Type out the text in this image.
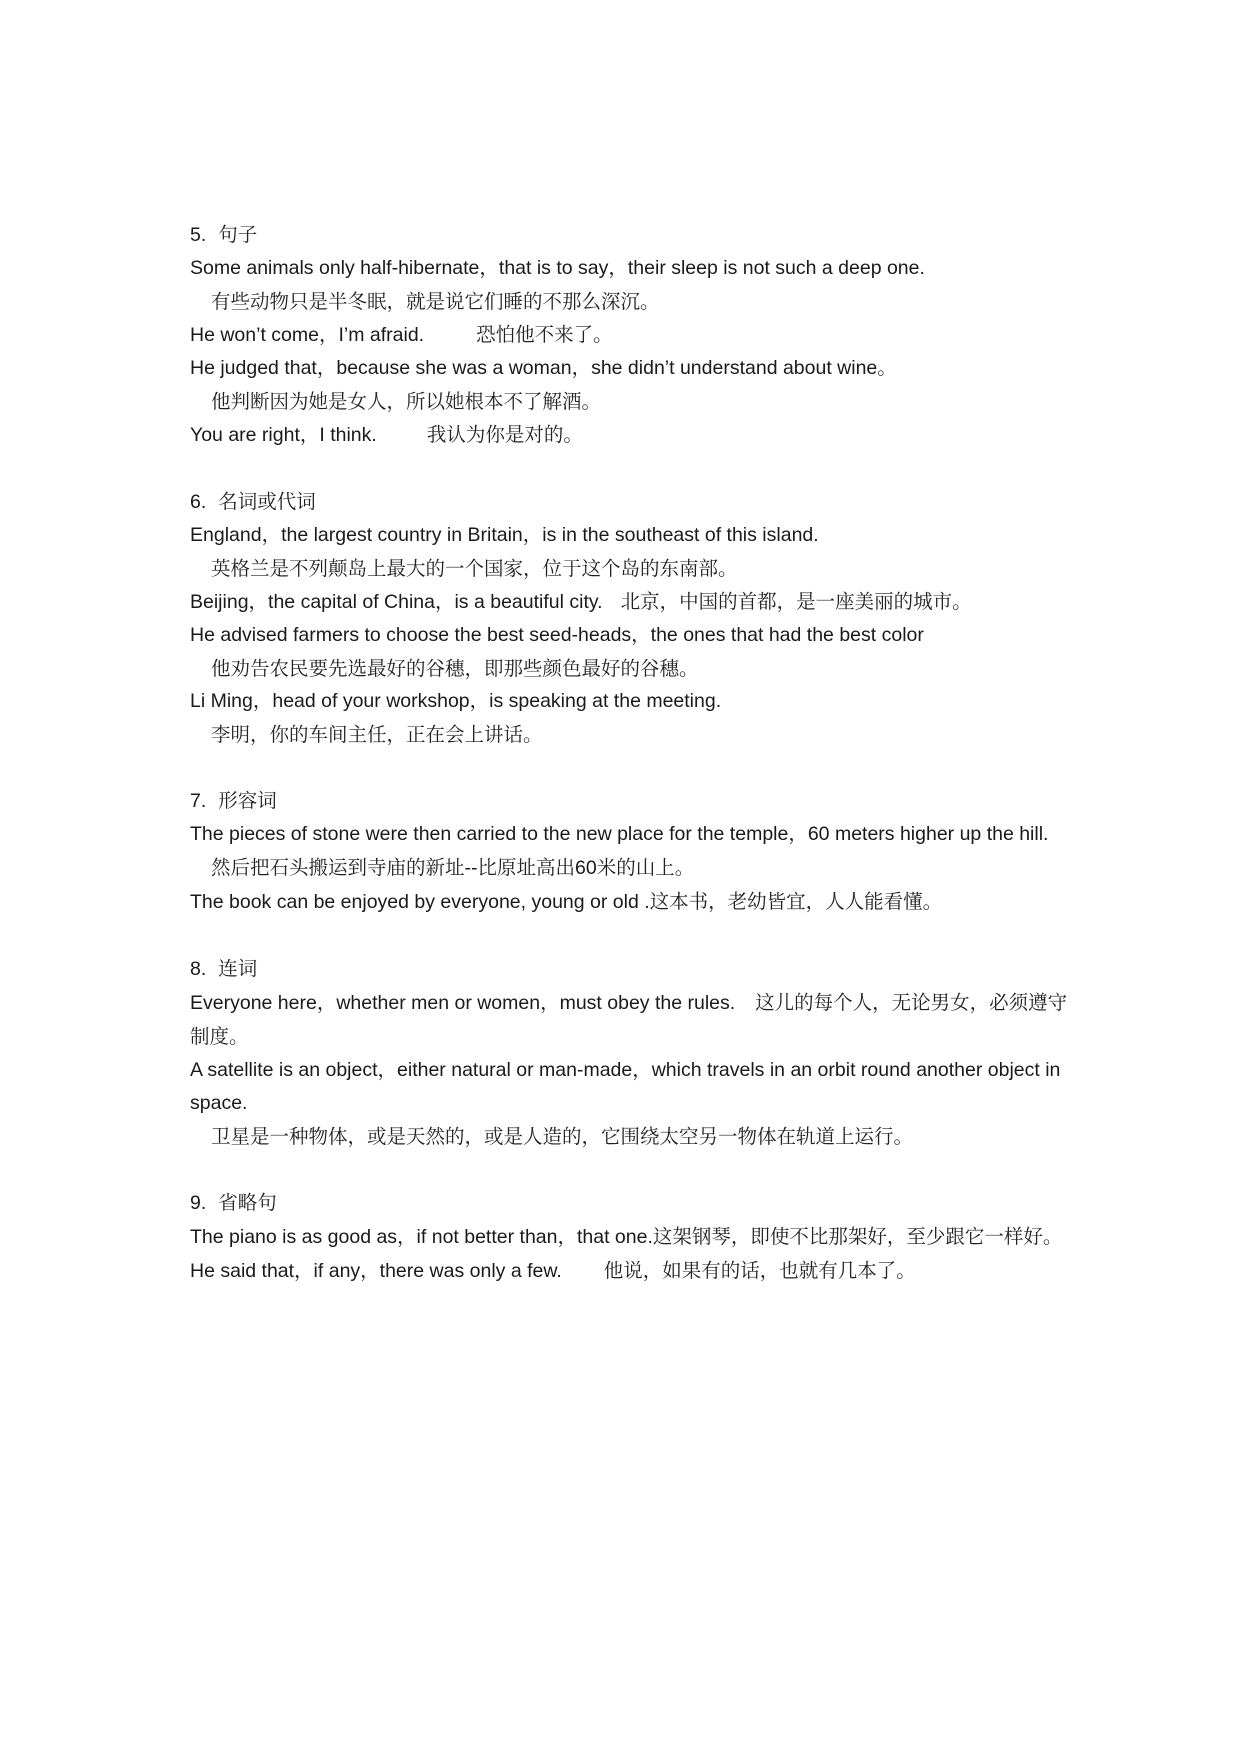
5. 句子
Some animals only half-hibernate，that is to say，their sleep is not such a deep one.
有些动物只是半冬眠，就是说它们睡的不那么深沉。
He won’t come，I’m afraid.	恐怕他不来了。
He judged that，because she was a woman，she didn’t understand about wine。
他判断因为她是女人，所以她根本不了解酒。
You are right，I think.	我认为你是对的。
6. 名词或代词
England，the largest country in Britain，is in the southeast of this island.
英格兰是不列颠岛上最大的一个国家，位于这个岛的东南部。
Beijing，the capital of China，is a beautiful city. 北京，中国的首都，是一座美丽的城市。
He advised farmers to choose the best seed-heads，the ones that had the best color
他劝告农民要先选最好的谷穗，即那些颜色最好的谷穗。
Li Ming，head of your workshop，is speaking at the meeting.
李明，你的车间主任，正在会上讲话。
7. 形容词
The pieces of stone were then carried to the new place for the temple，60 meters higher up the hill.
然后把石头搬运到寺庙的新址--比原址高出60米的山上。
The book can be enjoyed by everyone, young or old .这本书，老幼皆宜，人人能看懂。
8. 连词
Everyone here，whether men or women，must obey the rules. 这儿的每个人，无论男女，必须遵守制度。
A satellite is an object，either natural or man-made，which travels in an orbit round another object in space.
卫星是一种物体，或是天然的，或是人造的，它围绕太空另一物体在轨道上运行。
9. 省略句
The piano is as good as，if not better than，that one.这架钢琴，即使不比那架好，至少跟它一样好。
He said that，if any，there was only a few. 他说，如果有的话，也就有几本了。
